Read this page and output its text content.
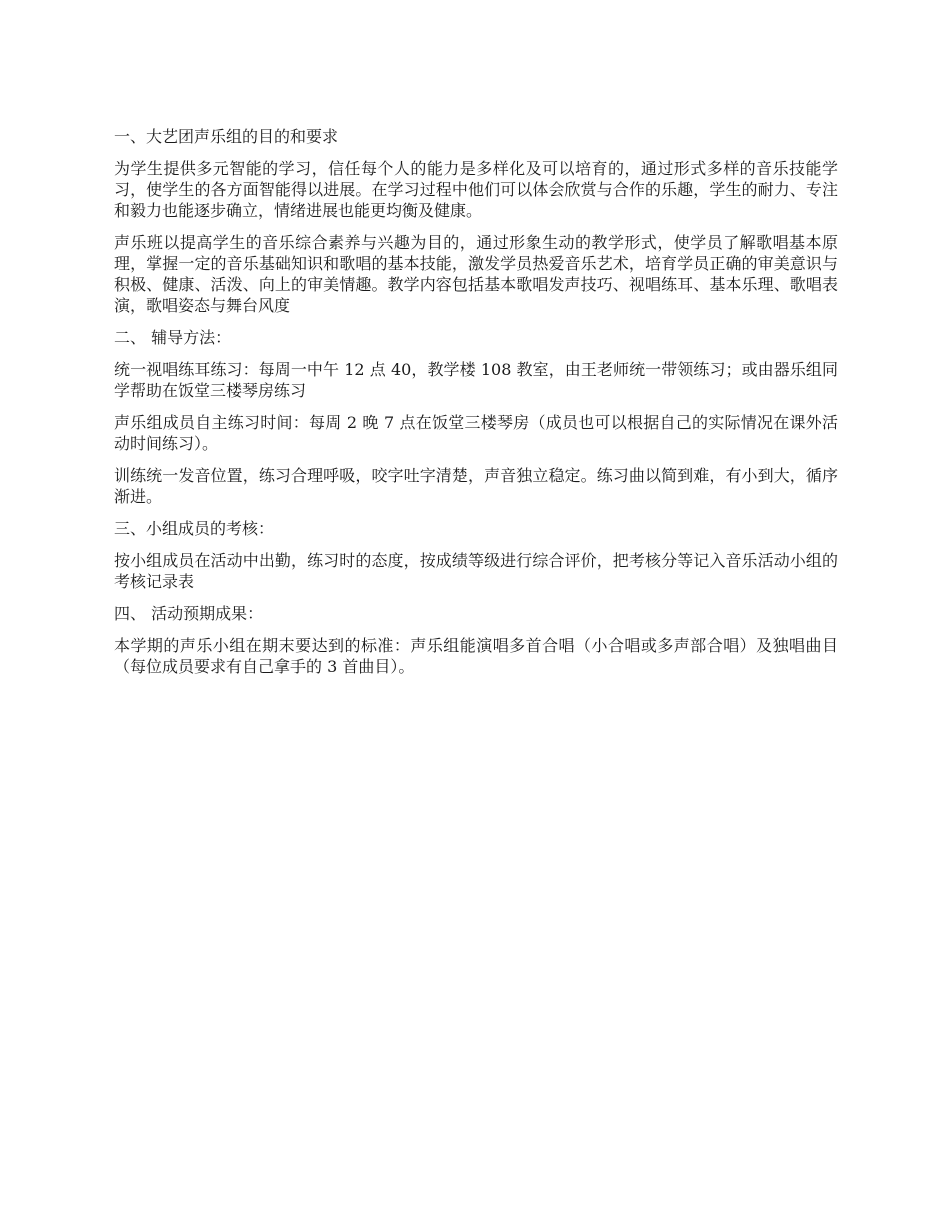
一、大艺团声乐组的目的和要求

为学生提供多元智能的学习，信任每个人的能力是多样化及可以培育的，通过形式多样的音乐技能学习，使学生的各方面智能得以进展。在学习过程中他们可以体会欣赏与合作的乐趣，学生的耐力、专注和毅力也能逐步确立，情绪进展也能更均衡及健康。

声乐班以提高学生的音乐综合素养与兴趣为目的，通过形象生动的教学形式，使学员了解歌唱基本原理，掌握一定的音乐基础知识和歌唱的基本技能，激发学员热爱音乐艺术，培育学员正确的审美意识与积极、健康、活泼、向上的审美情趣。教学内容包括基本歌唱发声技巧、视唱练耳、基本乐理、歌唱表演，歌唱姿态与舞台风度

二、 辅导方法：

统一视唱练耳练习：每周一中午 12 点 40，教学楼 108 教室，由王老师统一带领练习；或由器乐组同学帮助在饭堂三楼琴房练习

声乐组成员自主练习时间：每周 2 晚 7 点在饭堂三楼琴房（成员也可以根据自己的实际情况在课外活动时间练习）。

训练统一发音位置，练习合理呼吸，咬字吐字清楚，声音独立稳定。练习曲以简到难，有小到大，循序渐进。

三、小组成员的考核：

按小组成员在活动中出勤，练习时的态度，按成绩等级进行综合评价，把考核分等记入音乐活动小组的考核记录表

四、 活动预期成果：

本学期的声乐小组在期末要达到的标准：声乐组能演唱多首合唱（小合唱或多声部合唱）及独唱曲目（每位成员要求有自己拿手的 3 首曲目）。
